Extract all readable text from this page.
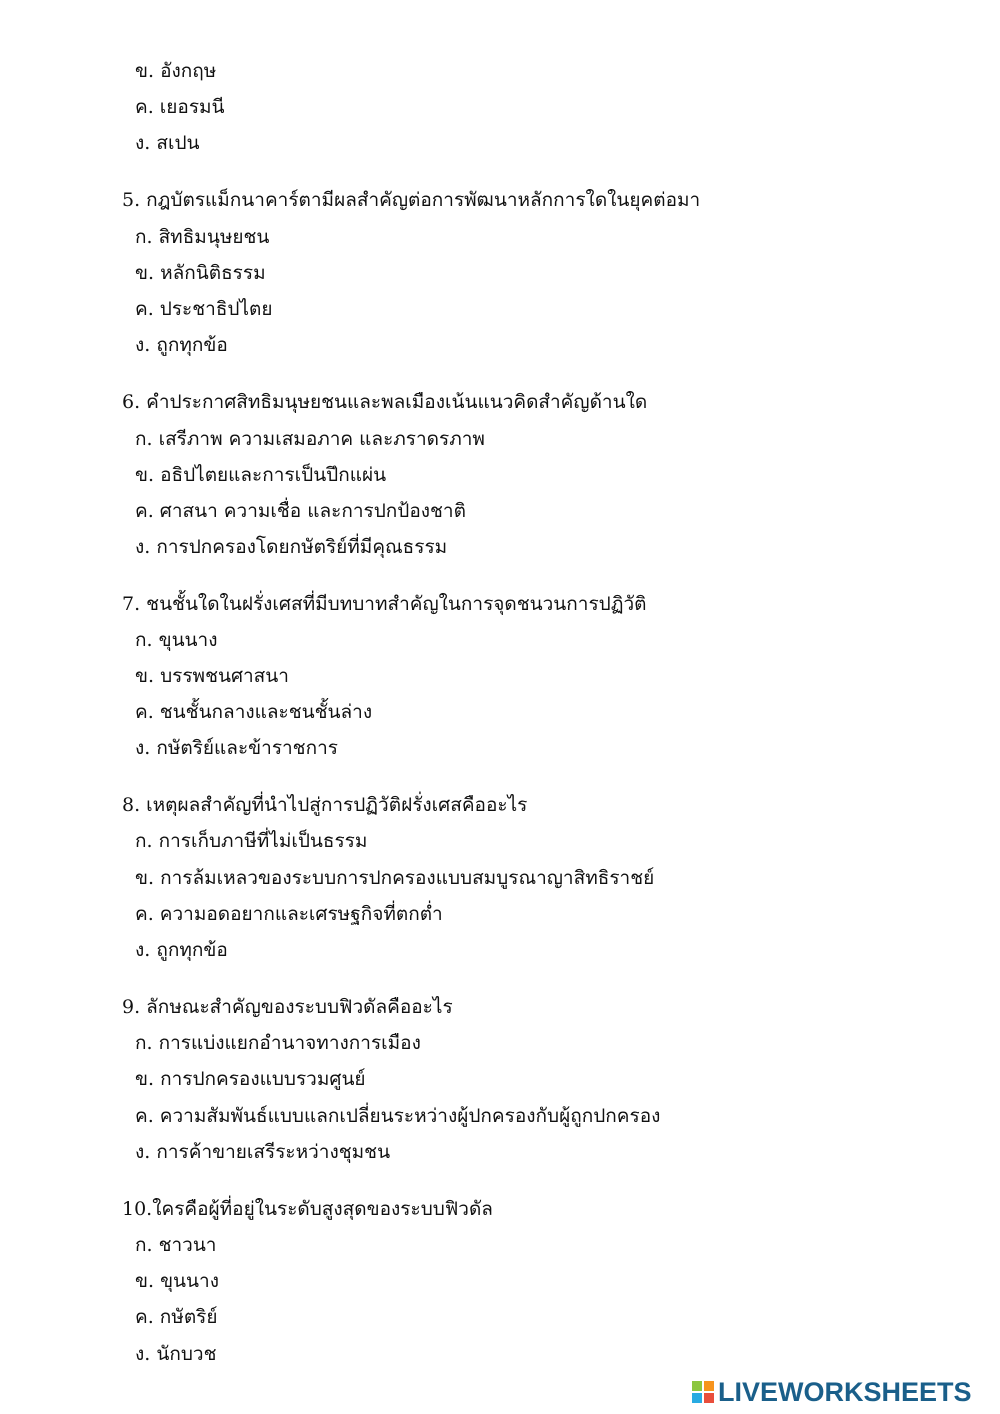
ข. อังกฤษ
ค. เยอรมนี
ง. สเปน
5. กฎบัตรแม็กนาคาร์ตามีผลสำคัญต่อการพัฒนาหลักการใดในยุคต่อมา
ก. สิทธิมนุษยชน
ข. หลักนิติธรรม
ค. ประชาธิปไตย
ง. ถูกทุกข้อ
6. คำประกาศสิทธิมนุษยชนและพลเมืองเน้นแนวคิดสำคัญด้านใด
ก. เสรีภาพ ความเสมอภาค และภราดรภาพ
ข. อธิปไตยและการเป็นปึกแผ่น
ค. ศาสนา ความเชื่อ และการปกป้องชาติ
ง. การปกครองโดยกษัตริย์ที่มีคุณธรรม
7. ชนชั้นใดในฝรั่งเศสที่มีบทบาทสำคัญในการจุดชนวนการปฏิวัติ
ก. ขุนนาง
ข. บรรพชนศาสนา
ค. ชนชั้นกลางและชนชั้นล่าง
ง. กษัตริย์และข้าราชการ
8. เหตุผลสำคัญที่นำไปสู่การปฏิวัติฝรั่งเศสคืออะไร
ก. การเก็บภาษีที่ไม่เป็นธรรม
ข. การล้มเหลวของระบบการปกครองแบบสมบูรณาญาสิทธิราชย์
ค. ความอดอยากและเศรษฐกิจที่ตกต่ำ
ง. ถูกทุกข้อ
9. ลักษณะสำคัญของระบบฟิวดัลคืออะไร
ก. การแบ่งแยกอำนาจทางการเมือง
ข. การปกครองแบบรวมศูนย์
ค. ความสัมพันธ์แบบแลกเปลี่ยนระหว่างผู้ปกครองกับผู้ถูกปกครอง
ง. การค้าขายเสรีระหว่างชุมชน
10.ใครคือผู้ที่อยู่ในระดับสูงสุดของระบบฟิวดัล
ก. ชาวนา
ข. ขุนนาง
ค. กษัตริย์
ง. นักบวช
LIVEWORKSHEETS
